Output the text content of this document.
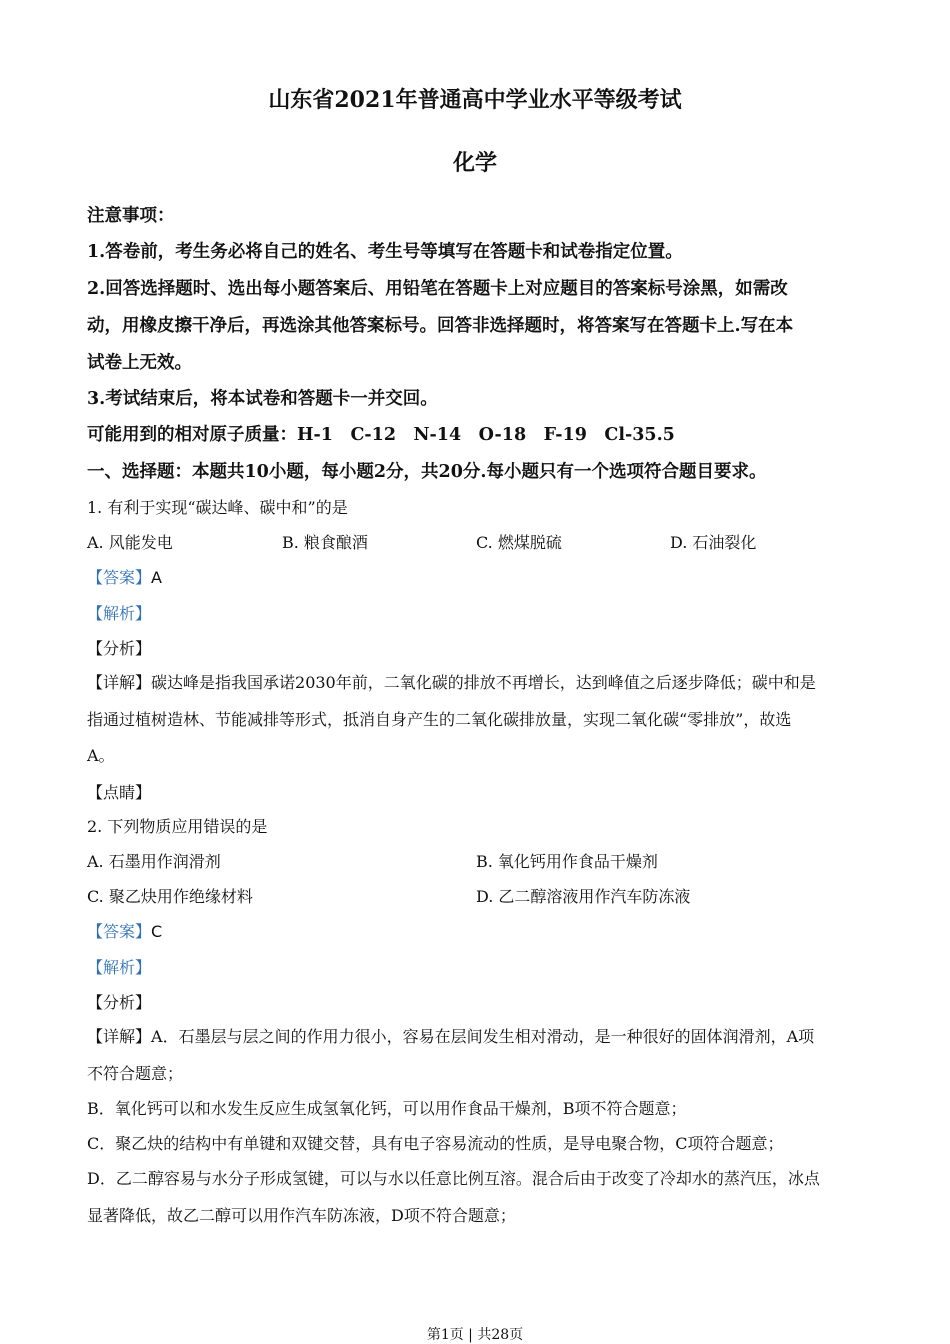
山东省2021年普通高中学业水平等级考试
化学
注意事项：
1.答卷前，考生务必将自己的姓名、考生号等填写在答题卡和试卷指定位置。
2.回答选择题时、选出每小题答案后、用铅笔在答题卡上对应题目的答案标号涂黑，如需改
动，用橡皮擦干净后，再选涂其他答案标号。回答非选择题时，将答案写在答题卡上.写在本
试卷上无效。
3.考试结束后，将本试卷和答题卡一并交回。
可能用到的相对原子质量：H-1　C-12　N-14　O-18　F-19　Cl-35.5
一、选择题：本题共10小题，每小题2分，共20分.每小题只有一个选项符合题目要求。
1. 有利于实现“碳达峰、碳中和”的是
A. 风能发电	B. 粮食酿酒	C. 燃煤脱硫	D. 石油裂化
【答案】A
【解析】
【分析】
【详解】碳达峰是指我国承诺2030年前，二氧化碳的排放不再增长，达到峰值之后逐步降低；碳中和是
指通过植树造林、节能减排等形式，抵消自身产生的二氧化碳排放量，实现二氧化碳“零排放”，故选
A。
【点睛】
2. 下列物质应用错误的是
A. 石墨用作润滑剂	B. 氧化钙用作食品干燥剂
C. 聚乙炔用作绝缘材料	D. 乙二醇溶液用作汽车防冻液
【答案】C
【解析】
【分析】
【详解】A．石墨层与层之间的作用力很小，容易在层间发生相对滑动，是一种很好的固体润滑剂，A项
不符合题意；
B．氧化钙可以和水发生反应生成氢氧化钙，可以用作食品干燥剂，B项不符合题意；
C．聚乙炔的结构中有单键和双键交替，具有电子容易流动的性质，是导电聚合物，C项符合题意；
D．乙二醇容易与水分子形成氢键，可以与水以任意比例互溶。混合后由于改变了冷却水的蒸汽压，冰点
显著降低，故乙二醇可以用作汽车防冻液，D项不符合题意；
第1页 | 共28页
